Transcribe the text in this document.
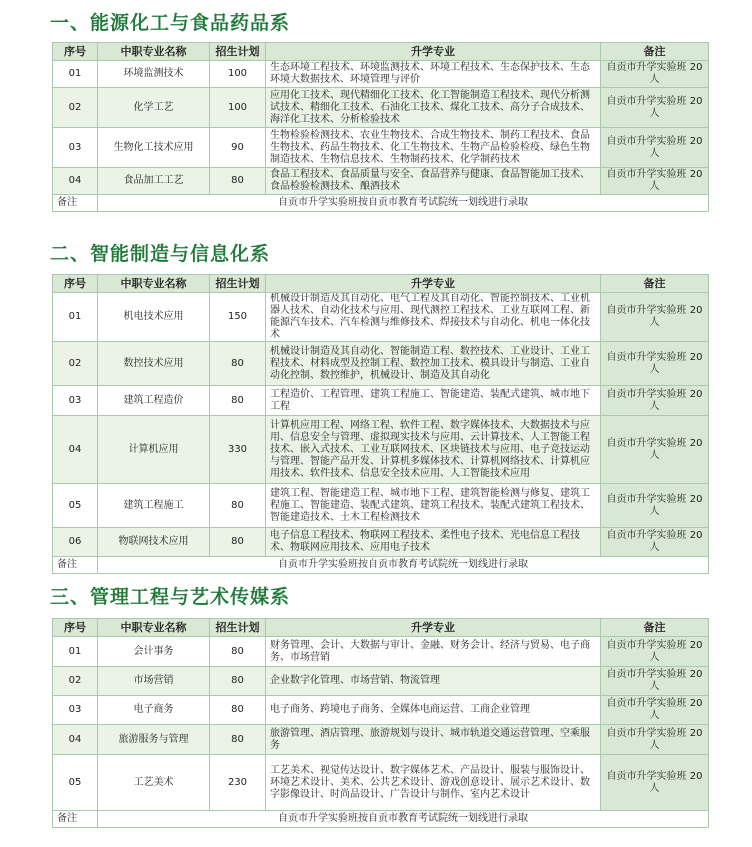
一、能源化工与食品药品系
序号	中职专业名称	招生计划	升学专业	备注
01	环境监测技术	100	生态环境工程技术、环境监测技术、环境工程技术、生态保护技术、生态环境大数据技术、环境管理与评价	自贡市升学实验班 20 人
02	化学工艺	100	应用化工技术、现代精细化工技术、化工智能制造工程技术、现代分析测试技术、精细化工技术、石油化工技术、煤化工技术、高分子合成技术、海洋化工技术、分析检验技术	自贡市升学实验班 20 人
03	生物化工技术应用	90	生物检验检测技术、农业生物技术、合成生物技术、制药工程技术、食品生物技术、药品生物技术、化工生物技术、生物产品检验检疫、绿色生物制造技术、生物信息技术、生物制药技术、化学制药技术	自贡市升学实验班 20 人
04	食品加工工艺	80	食品工程技术、食品质量与安全、食品营养与健康、食品智能加工技术、食品检验检测技术、酿酒技术	自贡市升学实验班 20 人
备注	自贡市升学实验班按自贡市教育考试院统一划线进行录取			
二、智能制造与信息化系
序号	中职专业名称	招生计划	升学专业	备注
01	机电技术应用	150	机械设计制造及其自动化、电气工程及其自动化、智能控制技术、工业机器人技术、自动化技术与应用、现代测控工程技术、工业互联网工程、新能源汽车技术、汽车检测与维修技术、焊接技术与自动化、机电一体化技术	自贡市升学实验班 20 人
02	数控技术应用	80	机械设计制造及其自动化、智能制造工程、数控技术、工业设计、工业工程技术、材料成型及控制工程、数控加工技术、模具设计与制造、工业自动化控制、数控维护，机械设计、制造及其自动化	自贡市升学实验班 20 人
03	建筑工程造价	80	工程造价、工程管理、建筑工程施工、智能建造、装配式建筑、城市地下工程	自贡市升学实验班 20 人
04	计算机应用	330	计算机应用工程、网络工程、软件工程、数字媒体技术、大数据技术与应用、信息安全与管理、虚拟现实技术与应用、云计算技术、人工智能工程技术、嵌入式技术、工业互联网技术、区块链技术与应用、电子竞技运动与管理、智能产品开发、计算机多媒体技术、计算机网络技术、计算机应用技术、软件技术、信息安全技术应用、人工智能技术应用	自贡市升学实验班 20 人
05	建筑工程施工	80	建筑工程、智能建造工程、城市地下工程、建筑智能检测与修复、建筑工程施工、智能建造、装配式建筑、建筑工程技术、装配式建筑工程技术、智能建造技术、土木工程检测技术	自贡市升学实验班 20 人
06	物联网技术应用	80	电子信息工程技术、物联网工程技术、柔性电子技术、光电信息工程技术、物联网应用技术、应用电子技术	自贡市升学实验班 20 人
备注	自贡市升学实验班按自贡市教育考试院统一划线进行录取			
三、管理工程与艺术传媒系
序号	中职专业名称	招生计划	升学专业	备注
01	会计事务	80	财务管理、会计、大数据与审计、金融、财务会计、经济与贸易、电子商务、市场营销	自贡市升学实验班 20 人
02	市场营销	80	企业数字化管理、市场营销、物流管理	自贡市升学实验班 20 人
03	电子商务	80	电子商务、跨境电子商务、全媒体电商运营、工商企业管理	自贡市升学实验班 20 人
04	旅游服务与管理	80	旅游管理、酒店管理、旅游规划与设计、城市轨道交通运营管理、空乘服务	自贡市升学实验班 20 人
05	工艺美术	230	工艺美术、视觉传达设计、数字媒体艺术、产品设计、服装与服饰设计、环境艺术设计、美术、公共艺术设计、游戏创意设计、展示艺术设计、数字影像设计、时尚品设计、广告设计与制作、室内艺术设计	自贡市升学实验班 20 人
备注	自贡市升学实验班按自贡市教育考试院统一划线进行录取			
